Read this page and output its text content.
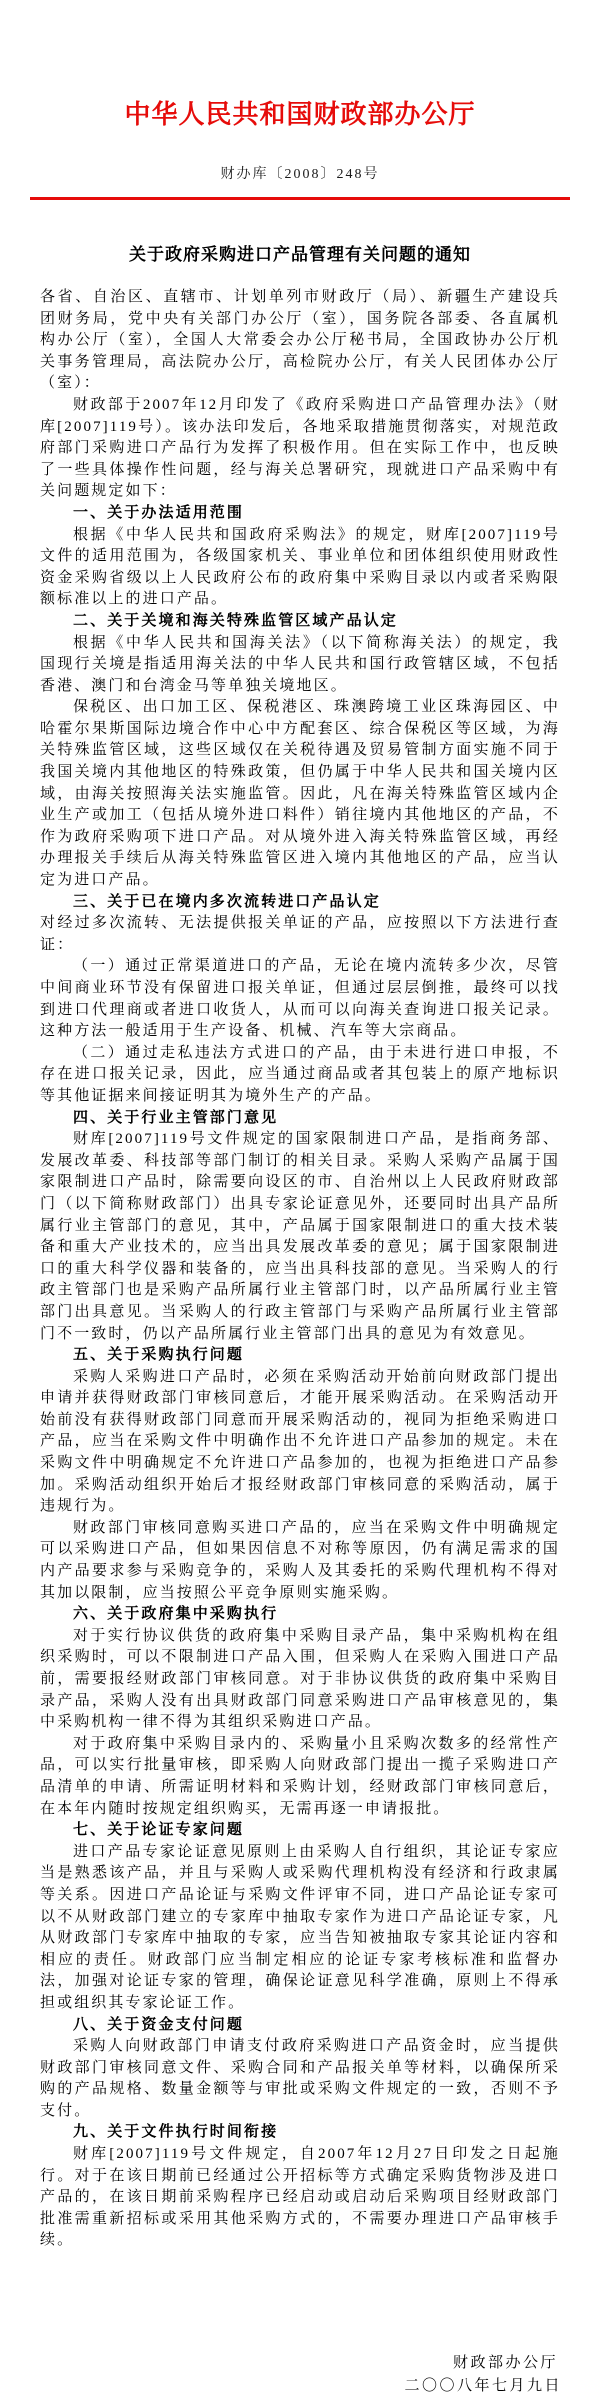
中华人民共和国财政部办公厅
财办库〔2008〕248号
关于政府采购进口产品管理有关问题的通知

各省、自治区、直辖市、计划单列市财政厅（局）、新疆生产建设兵团财务局，党中央有关部门办公厅（室），国务院各部委、各直属机构办公厅（室），全国人大常委会办公厅秘书局，全国政协办公厅机关事务管理局，高法院办公厅，高检院办公厅，有关人民团体办公厅（室）：

财政部于2007年12月印发了《政府采购进口产品管理办法》（财库[2007]119号）。该办法印发后，各地采取措施贯彻落实，对规范政府部门采购进口产品行为发挥了积极作用。但在实际工作中，也反映了一些具体操作性问题，经与海关总署研究，现就进口产品采购中有关问题规定如下：

一、关于办法适用范围

根据《中华人民共和国政府采购法》的规定，财库[2007]119号文件的适用范围为，各级国家机关、事业单位和团体组织使用财政性资金采购省级以上人民政府公布的政府集中采购目录以内或者采购限额标准以上的进口产品。

二、关于关境和海关特殊监管区域产品认定

根据《中华人民共和国海关法》（以下简称海关法）的规定，我国现行关境是指适用海关法的中华人民共和国行政管辖区域，不包括香港、澳门和台湾金马等单独关境地区。

保税区、出口加工区、保税港区、珠澳跨境工业区珠海园区、中哈霍尔果斯国际边境合作中心中方配套区、综合保税区等区域，为海关特殊监管区域，这些区域仅在关税待遇及贸易管制方面实施不同于我国关境内其他地区的特殊政策，但仍属于中华人民共和国关境内区域，由海关按照海关法实施监管。因此，凡在海关特殊监管区域内企业生产或加工（包括从境外进口料件）销往境内其他地区的产品，不作为政府采购项下进口产品。对从境外进入海关特殊监管区域，再经办理报关手续后从海关特殊监管区进入境内其他地区的产品，应当认定为进口产品。

三、关于已在境内多次流转进口产品认定

对经过多次流转、无法提供报关单证的产品，应按照以下方法进行查证：

（一）通过正常渠道进口的产品，无论在境内流转多少次，尽管中间商业环节没有保留进口报关单证，但通过层层倒推，最终可以找到进口代理商或者进口收货人，从而可以向海关查询进口报关记录。这种方法一般适用于生产设备、机械、汽车等大宗商品。

（二）通过走私违法方式进口的产品，由于未进行进口申报，不存在进口报关记录，因此，应当通过商品或者其包装上的原产地标识等其他证据来间接证明其为境外生产的产品。

四、关于行业主管部门意见

财库[2007]119号文件规定的国家限制进口产品，是指商务部、发展改革委、科技部等部门制订的相关目录。采购人采购产品属于国家限制进口产品时，除需要向设区的市、自治州以上人民政府财政部门（以下简称财政部门）出具专家论证意见外，还要同时出具产品所属行业主管部门的意见，其中，产品属于国家限制进口的重大技术装备和重大产业技术的，应当出具发展改革委的意见；属于国家限制进口的重大科学仪器和装备的，应当出具科技部的意见。当采购人的行政主管部门也是采购产品所属行业主管部门时，以产品所属行业主管部门出具意见。当采购人的行政主管部门与采购产品所属行业主管部门不一致时，仍以产品所属行业主管部门出具的意见为有效意见。

五、关于采购执行问题

采购人采购进口产品时，必须在采购活动开始前向财政部门提出申请并获得财政部门审核同意后，才能开展采购活动。在采购活动开始前没有获得财政部门同意而开展采购活动的，视同为拒绝采购进口产品，应当在采购文件中明确作出不允许进口产品参加的规定。未在采购文件中明确规定不允许进口产品参加的，也视为拒绝进口产品参加。采购活动组织开始后才报经财政部门审核同意的采购活动，属于违规行为。

财政部门审核同意购买进口产品的，应当在采购文件中明确规定可以采购进口产品，但如果因信息不对称等原因，仍有满足需求的国内产品要求参与采购竞争的，采购人及其委托的采购代理机构不得对其加以限制，应当按照公平竞争原则实施采购。

六、关于政府集中采购执行

对于实行协议供货的政府集中采购目录产品，集中采购机构在组织采购时，可以不限制进口产品入围，但采购人在采购入围进口产品前，需要报经财政部门审核同意。对于非协议供货的政府集中采购目录产品，采购人没有出具财政部门同意采购进口产品审核意见的，集中采购机构一律不得为其组织采购进口产品。

对于政府集中采购目录内的、采购量小且采购次数多的经常性产品，可以实行批量审核，即采购人向财政部门提出一揽子采购进口产品清单的申请、所需证明材料和采购计划，经财政部门审核同意后，在本年内随时按规定组织购买，无需再逐一申请报批。

七、关于论证专家问题

进口产品专家论证意见原则上由采购人自行组织，其论证专家应当是熟悉该产品，并且与采购人或采购代理机构没有经济和行政隶属等关系。因进口产品论证与采购文件评审不同，进口产品论证专家可以不从财政部门建立的专家库中抽取专家作为进口产品论证专家，凡从财政部门专家库中抽取的专家，应当告知被抽取专家其论证内容和相应的责任。财政部门应当制定相应的论证专家考核标准和监督办法，加强对论证专家的管理，确保论证意见科学准确，原则上不得承担或组织其专家论证工作。

八、关于资金支付问题

采购人向财政部门申请支付政府采购进口产品资金时，应当提供财政部门审核同意文件、采购合同和产品报关单等材料，以确保所采购的产品规格、数量金额等与审批或采购文件规定的一致，否则不予支付。

九、关于文件执行时间衔接

财库[2007]119号文件规定，自2007年12月27日印发之日起施行。对于在该日期前已经通过公开招标等方式确定采购货物涉及进口产品的，在该日期前采购程序已经启动或启动后采购项目经财政部门批准需重新招标或采用其他采购方式的，不需要办理进口产品审核手续。

财政部办公厅
二〇〇八年七月九日
